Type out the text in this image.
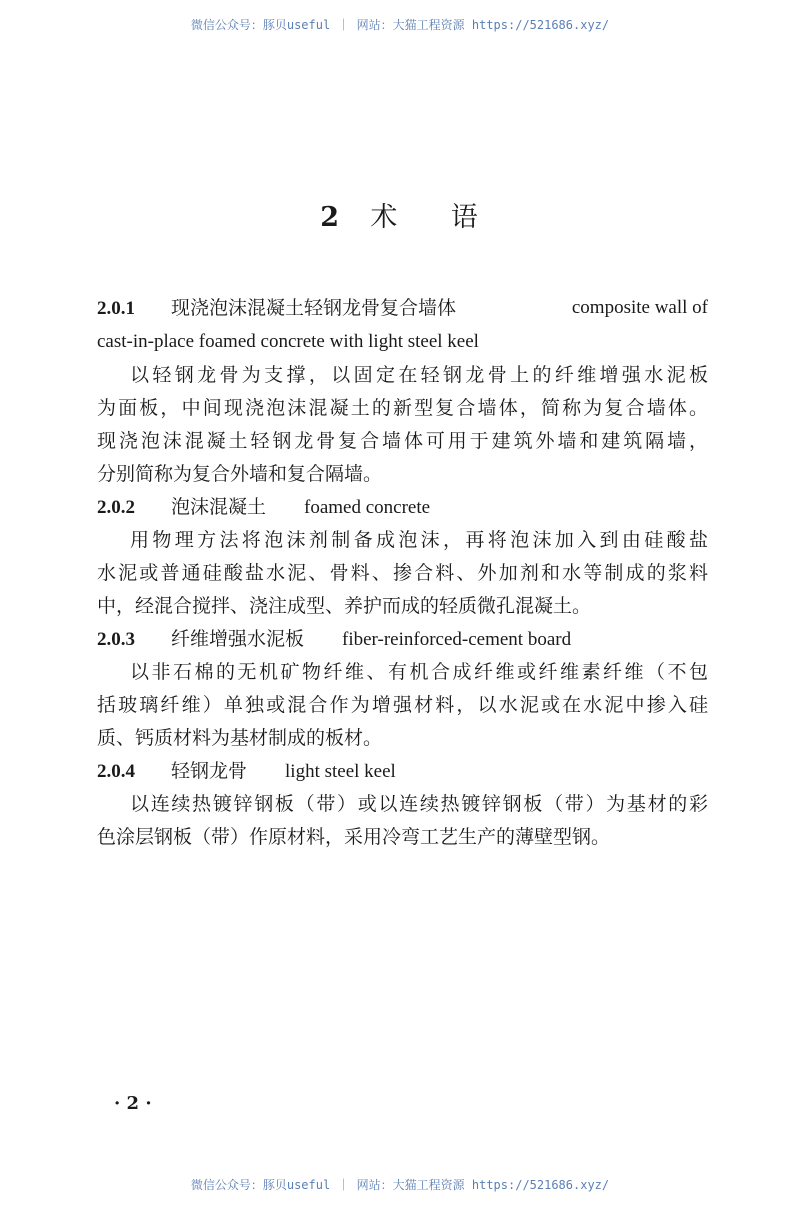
微信公众号：豚贝useful ｜ 网站：大猫工程资源 https://521686.xyz/
2 术 语
2.0.1 现浇泡沫混凝土轻钢龙骨复合墙体	composite wall of
cast-in-place foamed concrete with light steel keel
以轻钢龙骨为支撑，以固定在轻钢龙骨上的纤维增强水泥板
为面板，中间现浇泡沫混凝土的新型复合墙体，简称为复合墙体。
现浇泡沫混凝土轻钢龙骨复合墙体可用于建筑外墙和建筑隔墙，
分别简称为复合外墙和复合隔墙。
2.0.2 泡沫混凝土 foamed concrete
用物理方法将泡沫剂制备成泡沫，再将泡沫加入到由硅酸盐
水泥或普通硅酸盐水泥、骨料、掺合料、外加剂和水等制成的浆料
中，经混合搅拌、浇注成型、养护而成的轻质微孔混凝土。
2.0.3 纤维增强水泥板 fiber-reinforced-cement board
以非石棉的无机矿物纤维、有机合成纤维或纤维素纤维（不包
括玻璃纤维）单独或混合作为增强材料，以水泥或在水泥中掺入硅
质、钙质材料为基材制成的板材。
2.0.4 轻钢龙骨 light steel keel
以连续热镀锌钢板（带）或以连续热镀锌钢板（带）为基材的彩
色涂层钢板（带）作原材料，采用冷弯工艺生产的薄壁型钢。
· 2 ·
微信公众号：豚贝useful ｜ 网站：大猫工程资源 https://521686.xyz/
